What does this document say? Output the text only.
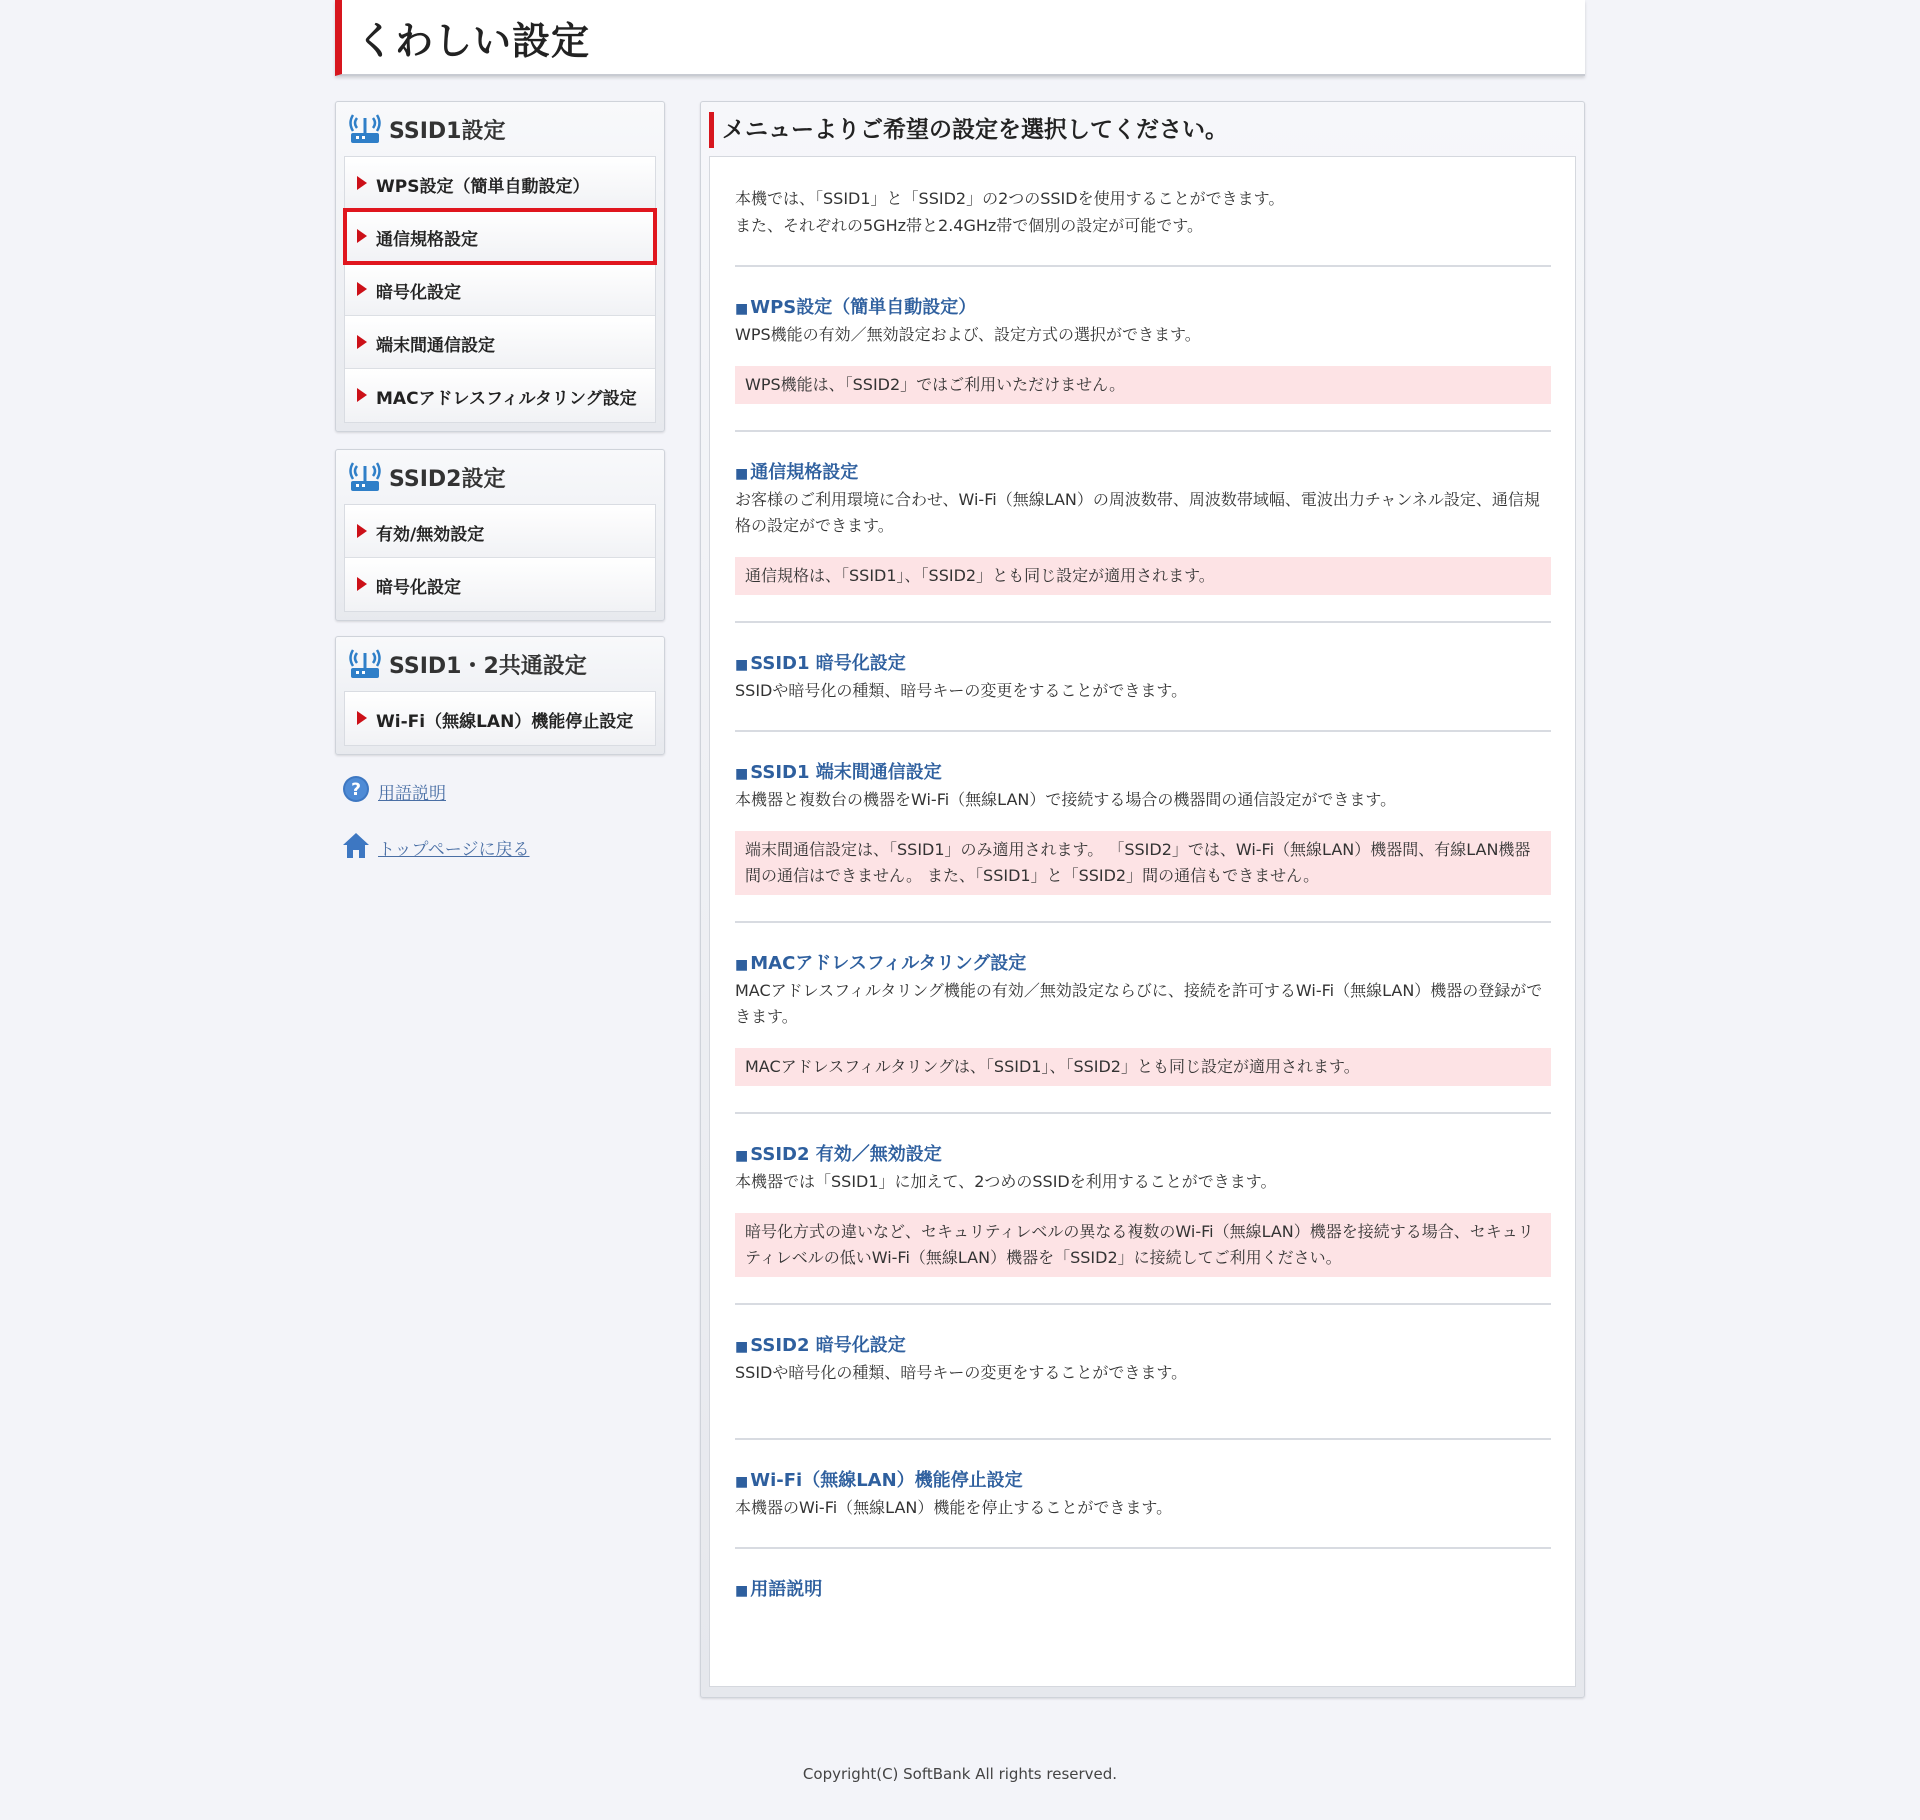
くわしい設定
SSID1設定
WPS設定（簡単自動設定）
通信規格設定
暗号化設定
端末間通信設定
MACアドレスフィルタリング設定
SSID2設定
有効/無効設定
暗号化設定
SSID1・2共通設定
Wi-Fi（無線LAN）機能停止設定
? 用語説明
トップページに戻る
メニューよりご希望の設定を選択してください。

本機では、「SSID1」と「SSID2」の2つのSSIDを使用することができます。

また、それぞれの5GHz帯と2.4GHz帯で個別の設定が可能です。

■ WPS設定（簡単自動設定）

WPS機能の有効／無効設定および、設定方式の選択ができます。

WPS機能は、「SSID2」ではご利用いただけません。
■ 通信規格設定

お客様のご利用環境に合わせ、Wi-Fi（無線LAN）の周波数帯、周波数帯域幅、電波出力チャンネル設定、通信規格の設定ができます。

通信規格は、「SSID1」、「SSID2」とも同じ設定が適用されます。
■ SSID1 暗号化設定

SSIDや暗号化の種類、暗号キーの変更をすることができます。

■ SSID1 端末間通信設定

本機器と複数台の機器をWi-Fi（無線LAN）で接続する場合の機器間の通信設定ができます。

端末間通信設定は、「SSID1」のみ適用されます。 「SSID2」では、Wi-Fi（無線LAN）機器間、有線LAN機器間の通信はできません。 また、「SSID1」と「SSID2」間の通信もできません。
■ MACアドレスフィルタリング設定

MACアドレスフィルタリング機能の有効／無効設定ならびに、接続を許可するWi-Fi（無線LAN）機器の登録ができます。

MACアドレスフィルタリングは、「SSID1」、「SSID2」とも同じ設定が適用されます。
■ SSID2 有効／無効設定

本機器では「SSID1」に加えて、2つめのSSIDを利用することができます。

暗号化方式の違いなど、セキュリティレベルの異なる複数のWi-Fi（無線LAN）機器を接続する場合、セキュリティレベルの低いWi-Fi（無線LAN）機器を「SSID2」に接続してご利用ください。
■ SSID2 暗号化設定

SSIDや暗号化の種類、暗号キーの変更をすることができます。

■ Wi-Fi（無線LAN）機能停止設定

本機器のWi-Fi（無線LAN）機能を停止することができます。

■ 用語説明
Copyright(C) SoftBank All rights reserved.
